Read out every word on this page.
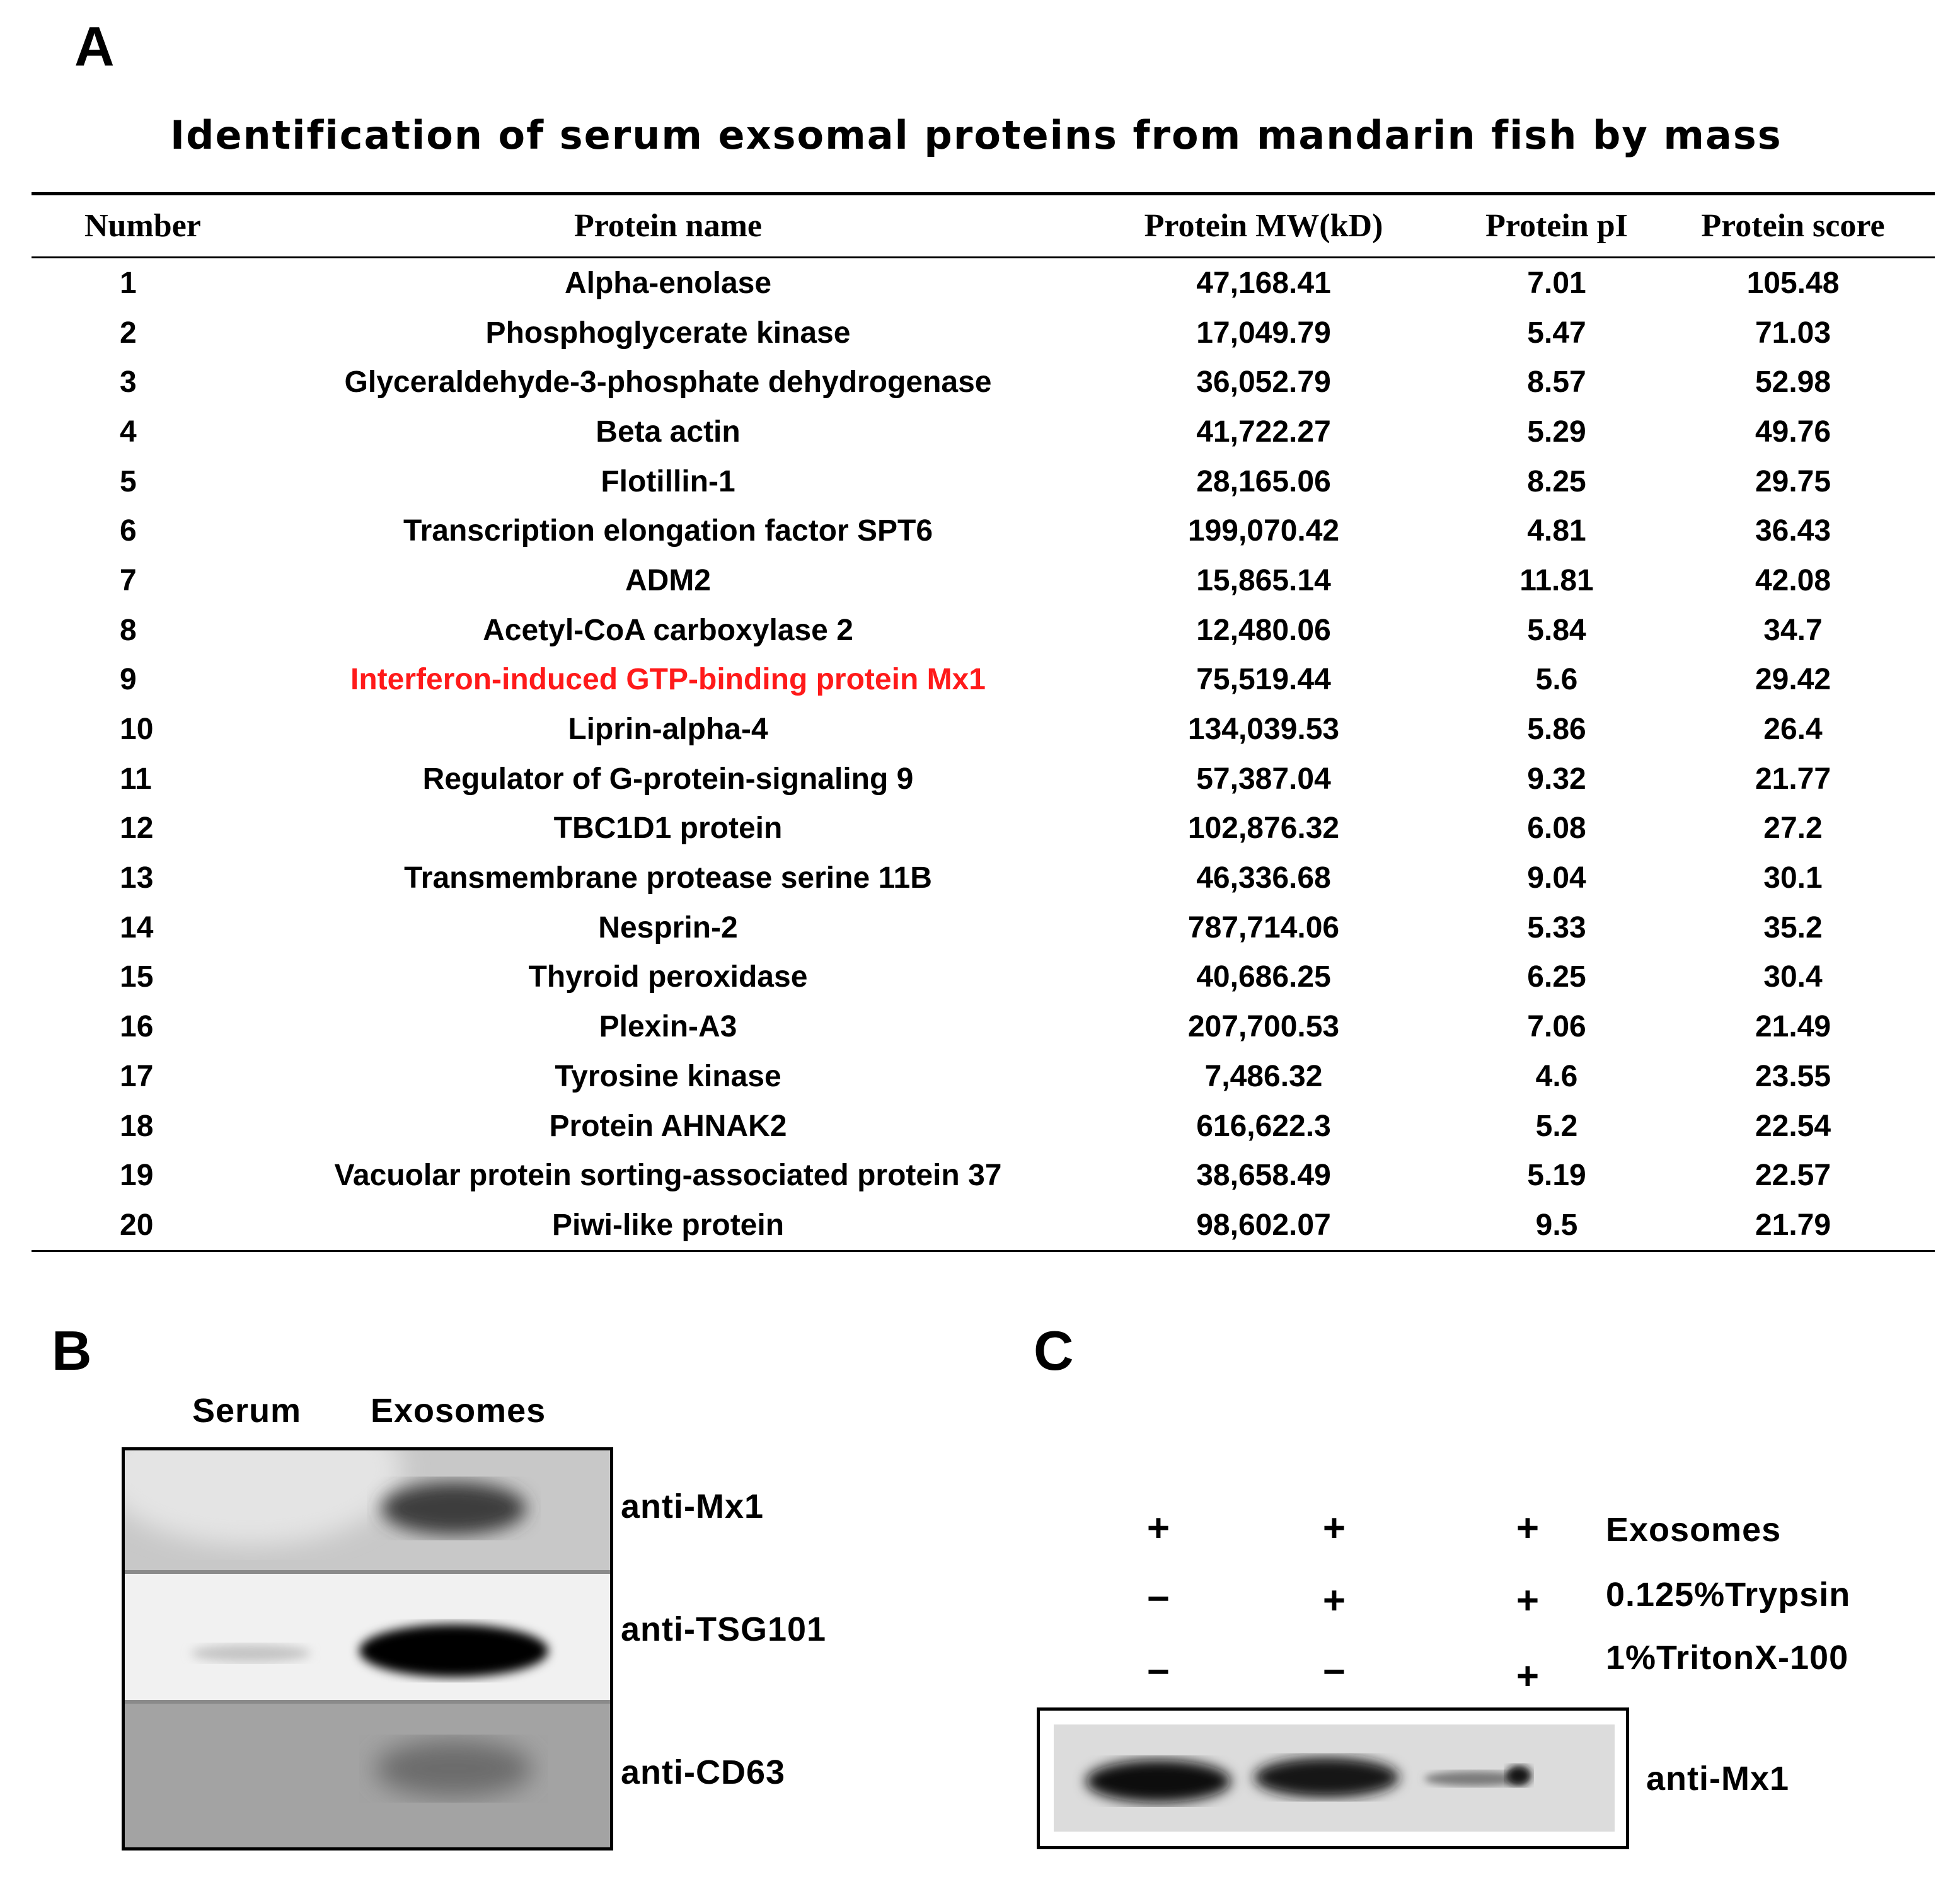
A
B	C
Identification of serum exsomal proteins from mandarin fish by mass
Number	Protein name	Protein MW(kD)	Protein pI	Protein score
1	Alpha-enolase	47,168.41	7.01	105.48
2	Phosphoglycerate kinase	17,049.79	5.47	71.03
3	Glyceraldehyde-3-phosphate dehydrogenase	36,052.79	8.57	52.98
4	Beta actin	41,722.27	5.29	49.76
5	Flotillin-1	28,165.06	8.25	29.75
6	Transcription elongation factor SPT6	199,070.42	4.81	36.43
7	ADM2	15,865.14	11.81	42.08
8	Acetyl-CoA carboxylase 2	12,480.06	5.84	34.7
9	Interferon-induced GTP-binding protein Mx1	75,519.44	5.6	29.42
10	Liprin-alpha-4	134,039.53	5.86	26.4
11	Regulator of G-protein-signaling 9	57,387.04	9.32	21.77
12	TBC1D1 protein	102,876.32	6.08	27.2
13	Transmembrane protease serine 11B	46,336.68	9.04	30.1
14	Nesprin-2	787,714.06	5.33	35.2
15	Thyroid peroxidase	40,686.25	6.25	30.4
16	Plexin-A3	207,700.53	7.06	21.49
17	Tyrosine kinase	7,486.32	4.6	23.55
18	Protein AHNAK2	616,622.3	5.2	22.54
19	Vacuolar protein sorting-associated protein 37	38,658.49	5.19	22.57
20	Piwi-like protein	98,602.07	9.5	21.79
Serum Exosomes
anti-Mx1
anti-TSG101
anti-CD63
+	+	+ Exosomes
−	+	+ 0.125%Trypsin
−	−	+ 1%TritonX-100
anti-Mx1
